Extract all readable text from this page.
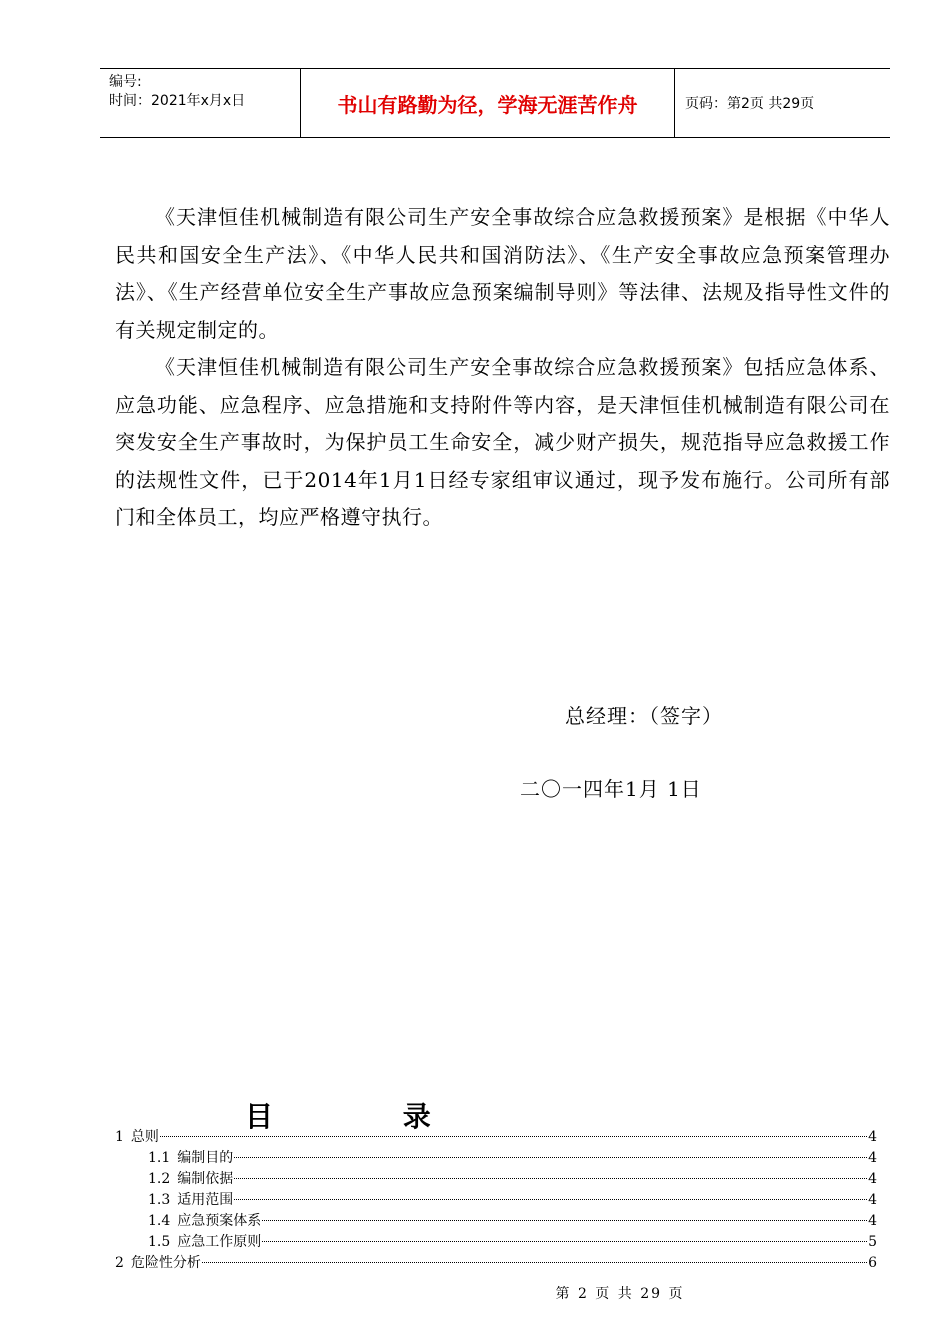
编号:
时间：2021年x月x日	书山有路勤为径，学海无涯苦作舟	页码：第2页 共29页
《天津恒佳机械制造有限公司生产安全事故综合应急救援预案》是根据《中华人民共和国安全生产法》、《中华人民共和国消防法》、《生产安全事故应急预案管理办法》、《生产经营单位安全生产事故应急预案编制导则》等法律、法规及指导性文件的有关规定制定的。
《天津恒佳机械制造有限公司生产安全事故综合应急救援预案》包括应急体系、应急功能、应急程序、应急措施和支持附件等内容，是天津恒佳机械制造有限公司在突发安全生产事故时，为保护员工生命安全，减少财产损失，规范指导应急救援工作的法规性文件，已于2014年1月1日经专家组审议通过，现予发布施行。公司所有部门和全体员工，均应严格遵守执行。
总经理：（签字）
二〇一四年1月 1日
目 录
1 总则	4
1.1 编制目的	4
1.2 编制依据	4
1.3 适用范围	4
1.4 应急预案体系	4
1.5 应急工作原则	5
2 危险性分析	6
第 2 页 共 29 页
